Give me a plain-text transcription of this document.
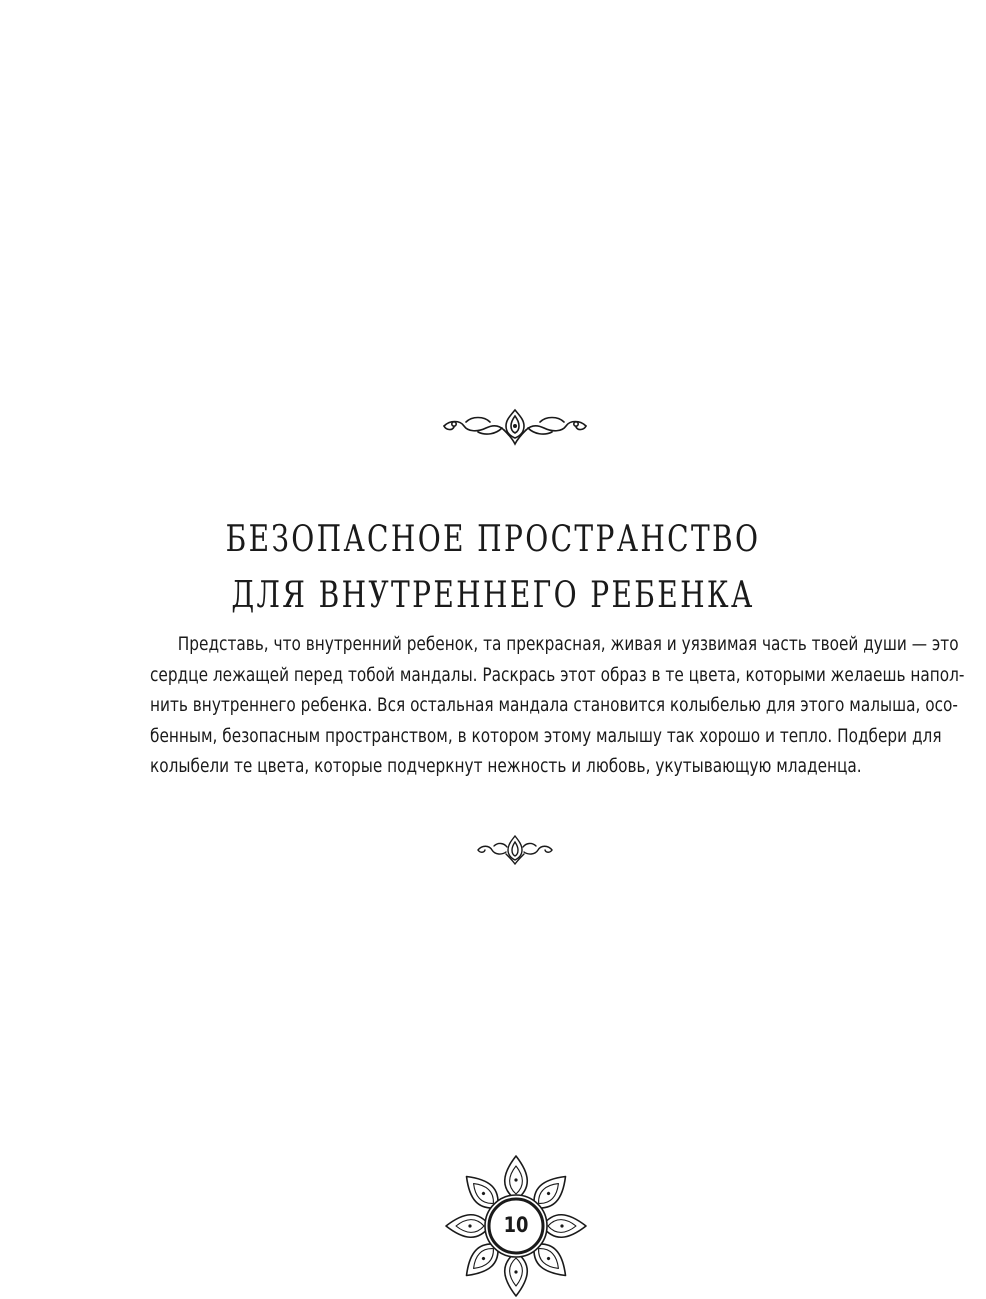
БЕЗОПАСНОЕ ПРОСТРАНСТВО
ДЛЯ ВНУТРЕННЕГО РЕБЕНКА

Представь, что внутренний ребенок, та прекрасная, живая и уязвимая часть твоей души — это
сердце лежащей перед тобой мандалы. Раскрась этот образ в те цвета, которыми желаешь напол-
нить внутреннего ребенка. Вся остальная мандала становится колыбелью для этого малыша, осо-
бенным, безопасным пространством, в котором этому малышу так хорошо и тепло. Подбери для
колыбели те цвета, которые подчеркнут нежность и любовь, укутывающую младенца.

10
